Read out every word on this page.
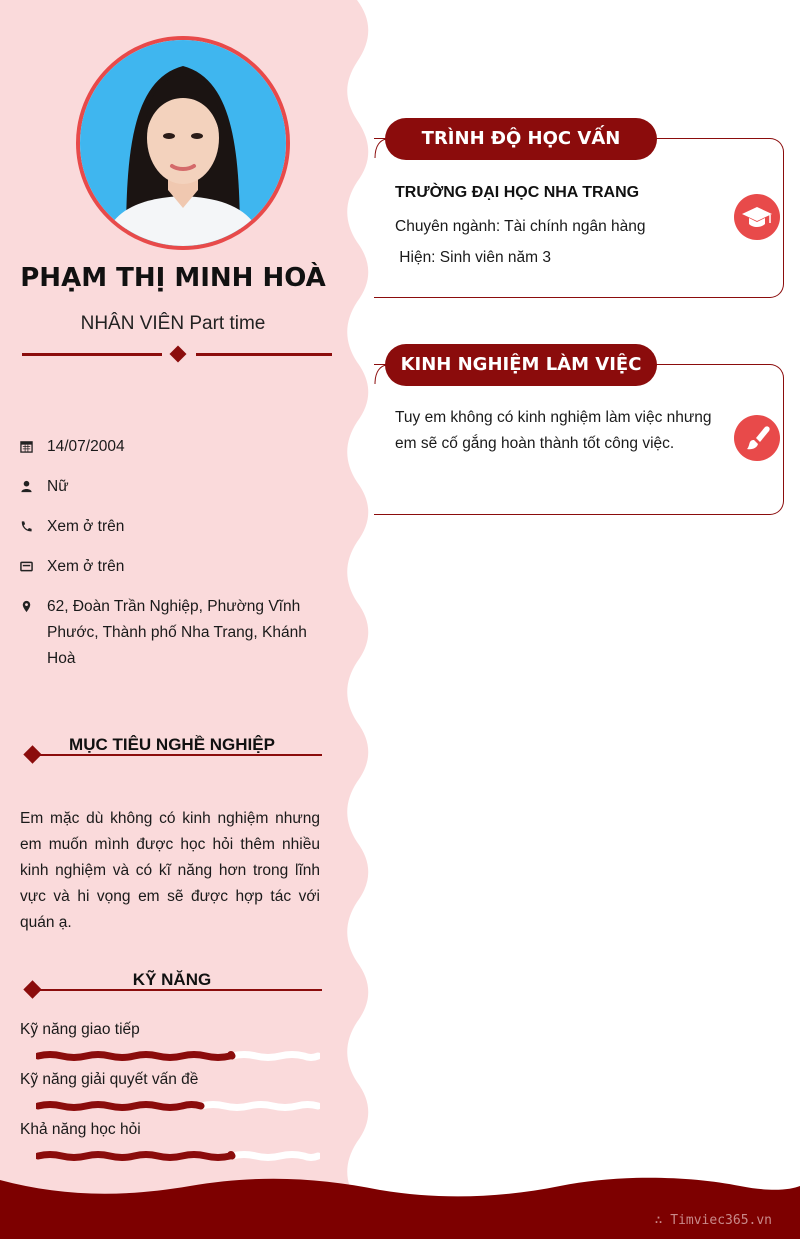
PHẠM THỊ MINH HOÀ
NHÂN VIÊN Part time
14/07/2004
Nữ
Xem ở trên
Xem ở trên
62, Đoàn Trần Nghiệp, Phường Vĩnh Phước, Thành phố Nha Trang, Khánh Hoà
MỤC TIÊU NGHỀ NGHIỆP
Em mặc dù không có kinh nghiệm nhưng em muốn mình được học hỏi thêm nhiều kinh nghiệm và có kĩ năng hơn trong lĩnh vực và hi vọng em sẽ được hợp tác với quán ạ.
KỸ NĂNG
Kỹ năng giao tiếp
Kỹ năng giải quyết vấn đề
Khả năng học hỏi
TRÌNH ĐỘ HỌC VẤN
TRƯỜNG ĐẠI HỌC NHA TRANG
Chuyên ngành: Tài chính ngân hàng
Hiện: Sinh viên năm 3
KINH NGHIỆM LÀM VIỆC
Tuy em không có kinh nghiệm làm việc nhưng em sẽ cố gắng hoàn thành tốt công việc.
∴ Timviec365.vn
